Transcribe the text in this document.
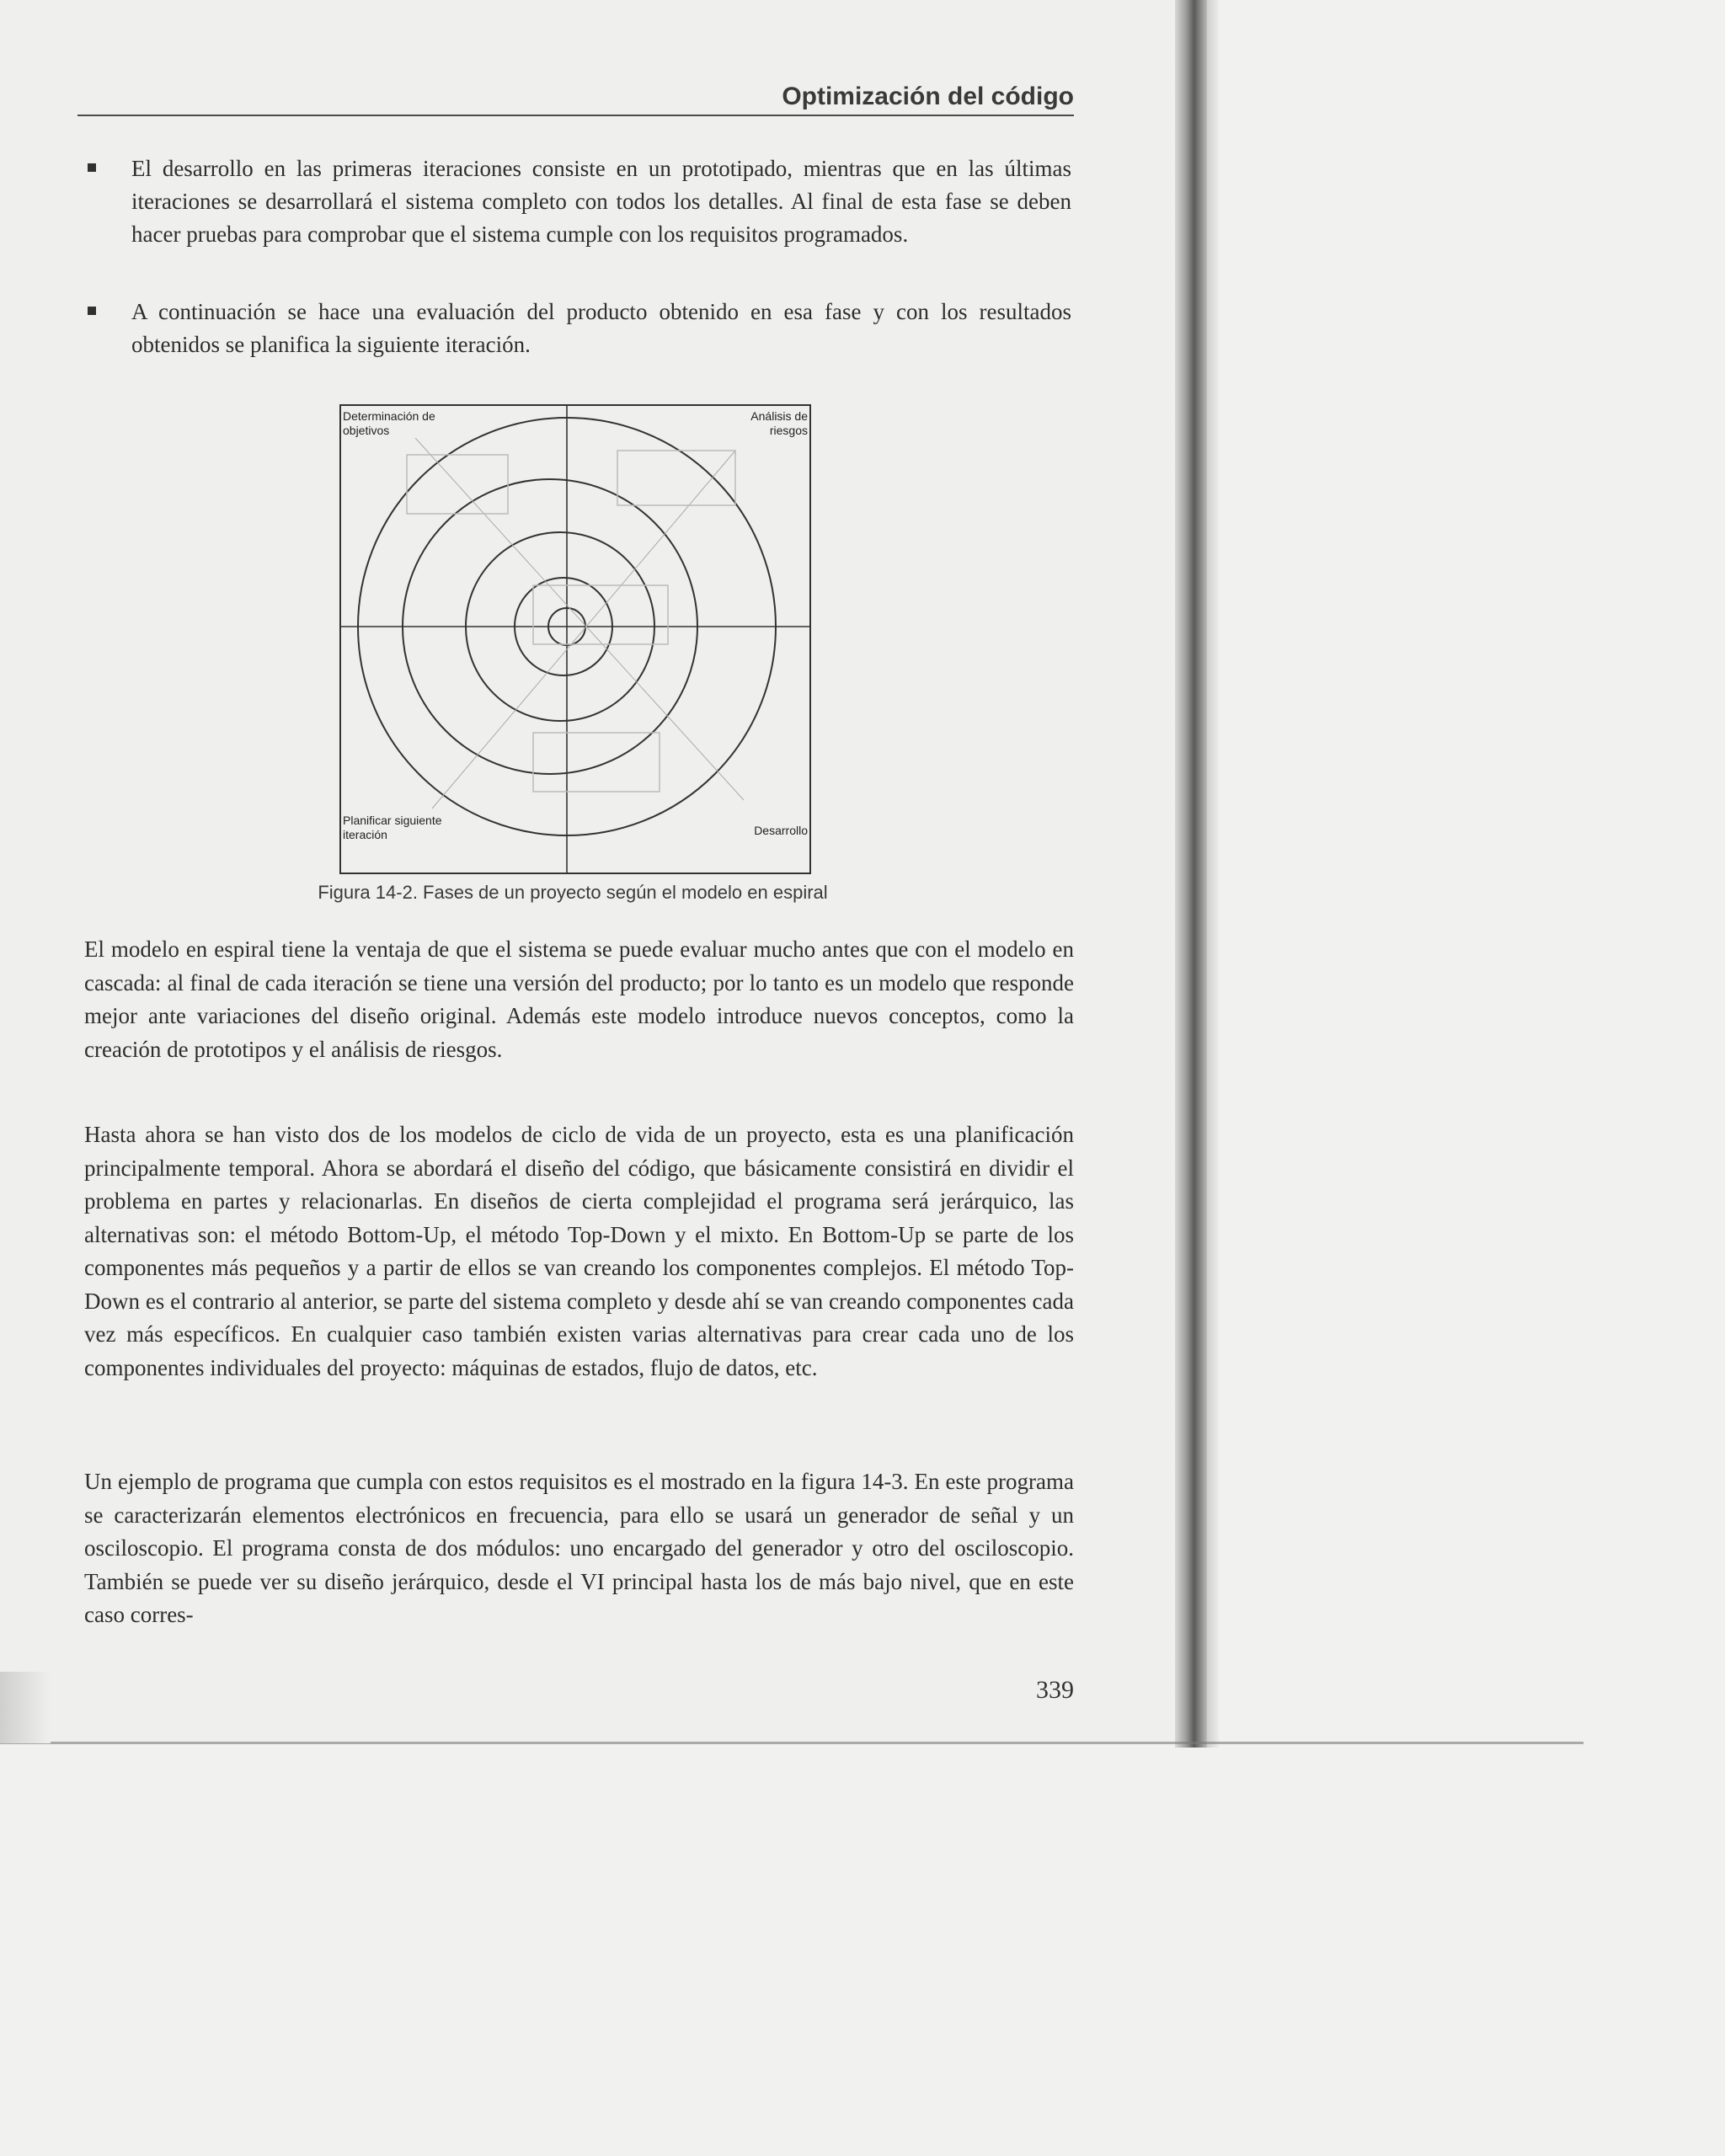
Optimización del código
El desarrollo en las primeras iteraciones consiste en un prototipado, mientras que en las últimas iteraciones se desarrollará el sistema completo con todos los detalles. Al final de esta fase se deben hacer pruebas para comprobar que el sistema cumple con los requisitos programados.
A continuación se hace una evaluación del producto obtenido en esa fase y con los resultados obtenidos se planifica la siguiente iteración.
Determinación de objetivos
Análisis de riesgos
Planificar siguiente iteración	Desarrollo
Figura 14-2. Fases de un proyecto según el modelo en espiral
El modelo en espiral tiene la ventaja de que el sistema se puede evaluar mucho antes que con el modelo en cascada: al final de cada iteración se tiene una versión del producto; por lo tanto es un modelo que responde mejor ante variaciones del diseño original. Además este modelo introduce nuevos conceptos, como la creación de prototipos y el análisis de riesgos.
Hasta ahora se han visto dos de los modelos de ciclo de vida de un proyecto, esta es una planificación principalmente temporal. Ahora se abordará el diseño del código, que básicamente consistirá en dividir el problema en partes y relacionarlas. En diseños de cierta complejidad el programa será jerárquico, las alternativas son: el método Bottom-Up, el método Top-Down y el mixto. En Bottom-Up se parte de los componentes más pequeños y a partir de ellos se van creando los componentes complejos. El método Top-Down es el contrario al anterior, se parte del sistema completo y desde ahí se van creando componentes cada vez más específicos. En cualquier caso también existen varias alternativas para crear cada uno de los componentes individuales del proyecto: máquinas de estados, flujo de datos, etc.
Un ejemplo de programa que cumpla con estos requisitos es el mostrado en la figura 14-3. En este programa se caracterizarán elementos electrónicos en frecuencia, para ello se usará un generador de señal y un osciloscopio. El programa consta de dos módulos: uno encargado del generador y otro del osciloscopio. También se puede ver su diseño jerárquico, desde el VI principal hasta los de más bajo nivel, que en este caso corres-
339
